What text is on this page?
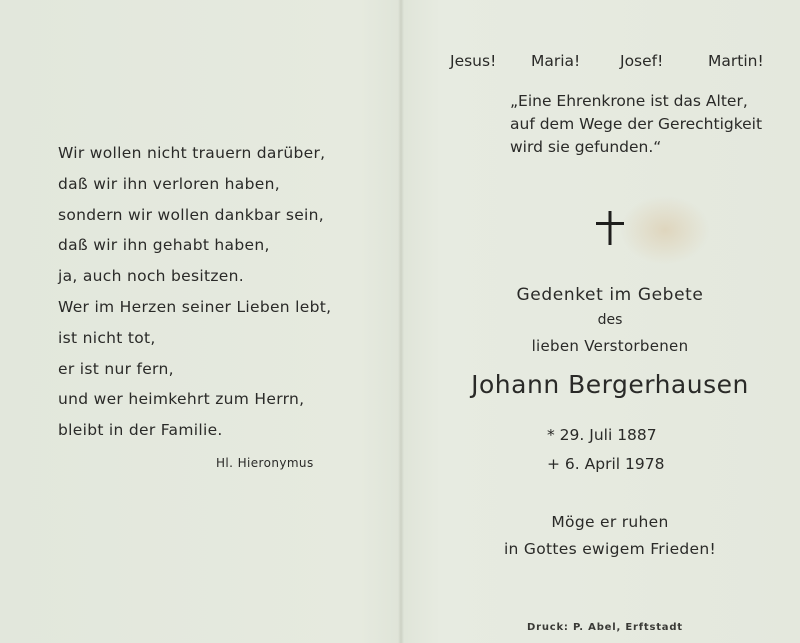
Wir wollen nicht trauern darüber,
daß wir ihn verloren haben,
sondern wir wollen dankbar sein,
daß wir ihn gehabt haben,
ja, auch noch besitzen.
Wer im Herzen seiner Lieben lebt,
ist nicht tot,
er ist nur fern,
und wer heimkehrt zum Herrn,
bleibt in der Familie.
Hl. Hieronymus
Jesus! Maria!	Josef!	Martin!
„Eine Ehrenkrone ist das Alter,
auf dem Wege der Gerechtigkeit
wird sie gefunden.“
Gedenket im Gebete
des
lieben Verstorbenen
Johann Bergerhausen
* 29. Juli 1887
+ 6. April 1978
Möge er ruhen
in Gottes ewigem Frieden!
Druck: P. Abel, Erftstadt
